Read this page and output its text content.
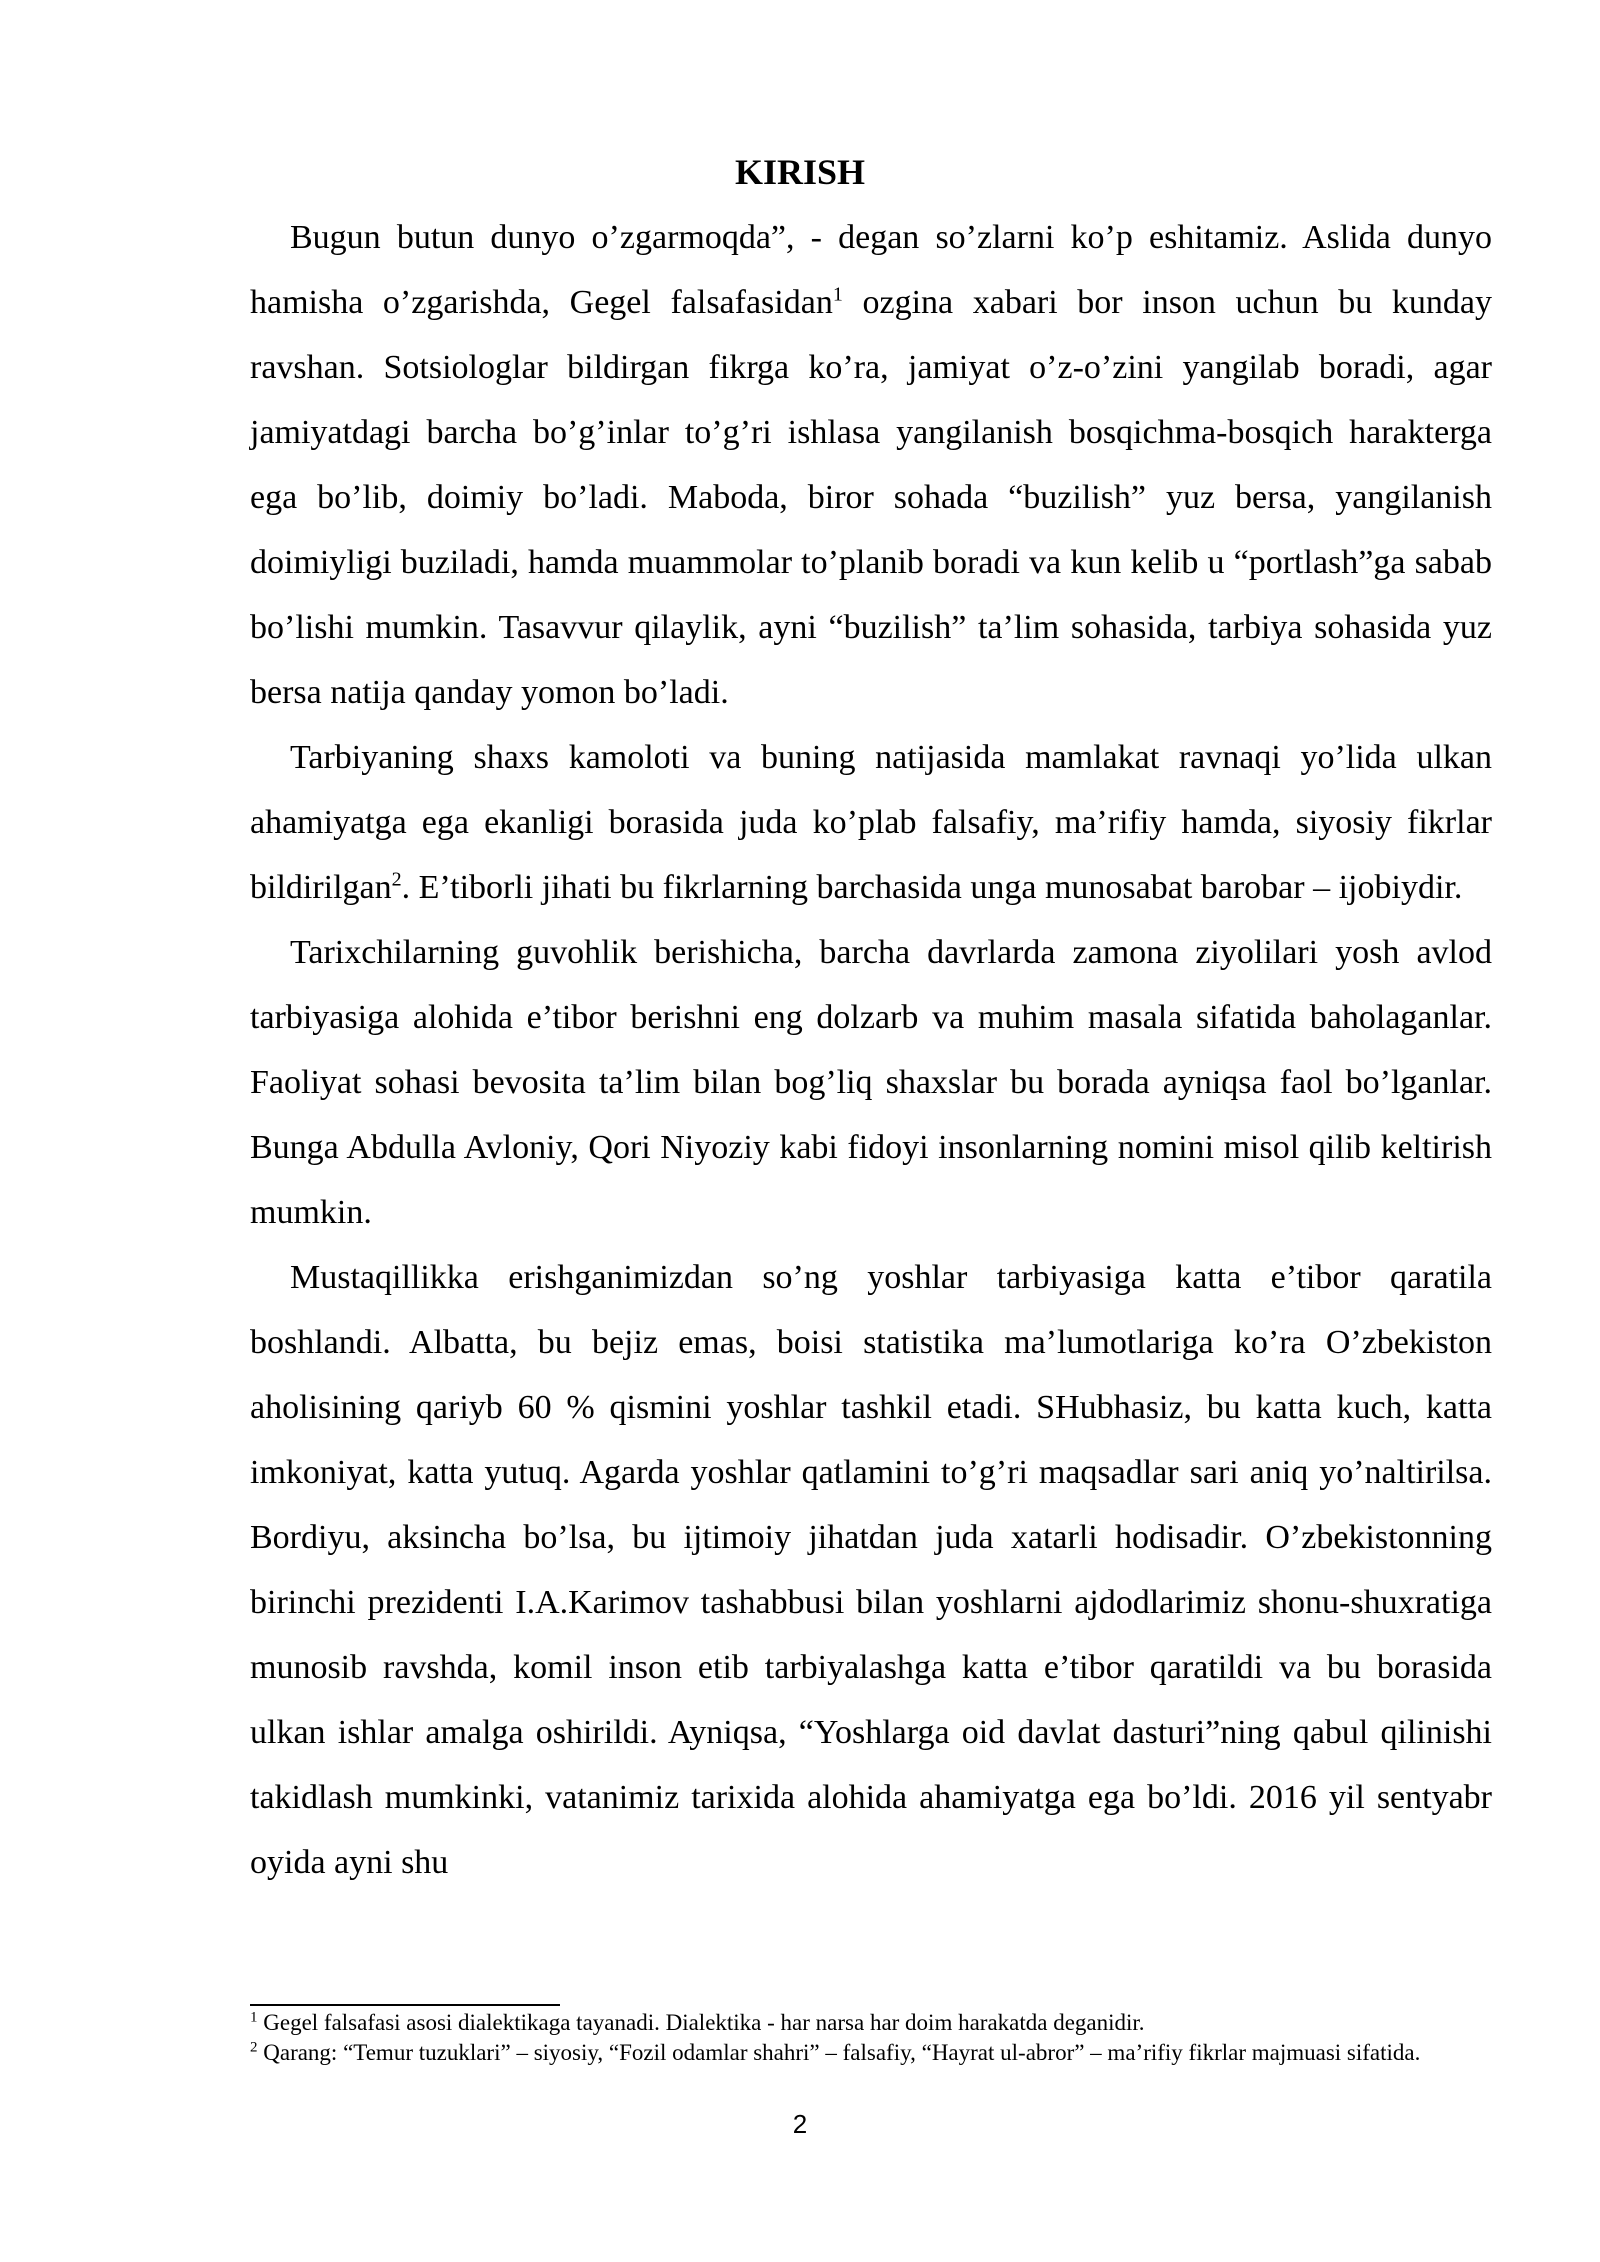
KIRISH

Bugun butun dunyo o’zgarmoqda”, - degan so’zlarni ko’p eshitamiz. Aslida dunyo hamisha o’zgarishda, Gegel falsafasidan$^1$ ozgina xabari bor inson uchun bu kunday ravshan. Sotsiologlar bildirgan fikrga ko’ra, jamiyat o’z-o’zini yangilab boradi, agar jamiyatdagi barcha bo’g’inlar to’g’ri ishlasa yangilanish bosqichma-bosqich harakterga ega bo’lib, doimiy bo’ladi. Maboda, biror sohada “buzilish” yuz bersa, yangilanish doimiyligi buziladi, hamda muammolar to’planib boradi va kun kelib u “portlash”ga sabab bo’lishi mumkin. Tasavvur qilaylik, ayni “buzilish” ta’lim sohasida, tarbiya sohasida yuz bersa natija qanday yomon bo’ladi.

Tarbiyaning shaxs kamoloti va buning natijasida mamlakat ravnaqi yo’lida ulkan ahamiyatga ega ekanligi borasida juda ko’plab falsafiy, ma’rifiy hamda, siyosiy fikrlar bildirilgan$^2$. E’tiborli jihati bu fikrlarning barchasida unga munosabat barobar – ijobiydir.

Tarixchilarning guvohlik berishicha, barcha davrlarda zamona ziyolilari yosh avlod tarbiyasiga alohida e’tibor berishni eng dolzarb va muhim masala sifatida baholaganlar. Faoliyat sohasi bevosita ta’lim bilan bog’liq shaxslar bu borada ayniqsa faol bo’lganlar. Bunga Abdulla Avloniy, Qori Niyoziy kabi fidoyi insonlarning nomini misol qilib keltirish mumkin.

Mustaqillikka erishganimizdan so’ng yoshlar tarbiyasiga katta e’tibor qaratila boshlandi. Albatta, bu bejiz emas, boisi statistika ma’lumotlariga ko’ra O’zbekiston aholisining qariyb 60 % qismini yoshlar tashkil etadi. SHubhasiz, bu katta kuch, katta imkoniyat, katta yutuq. Agarda yoshlar qatlamini to’g’ri maqsadlar sari aniq yo’naltirilsa. Bordiyu, aksincha bo’lsa, bu ijtimoiy jihatdan juda xatarli hodisadir. O’zbekistonning birinchi prezidenti I.A.Karimov tashabbusi bilan yoshlarni ajdodlarimiz shonu-shuxratiga munosib ravshda, komil inson etib tarbiyalashga katta e’tibor qaratildi va bu borasida ulkan ishlar amalga oshirildi. Ayniqsa, “Yoshlarga oid davlat dasturi”ning qabul qilinishi takidlash mumkinki, vatanimiz tarixida alohida ahamiyatga ega bo’ldi. 2016 yil sentyabr oyida ayni shu

$^1$ Gegel falsafasi asosi dialektikaga tayanadi. Dialektika - har narsa har doim harakatda deganidir.

$^2$ Qarang: “Temur tuzuklari” – siyosiy, “Fozil odamlar shahri” – falsafiy, “Hayrat ul-abror” – ma’rifiy fikrlar majmuasi sifatida.

2
